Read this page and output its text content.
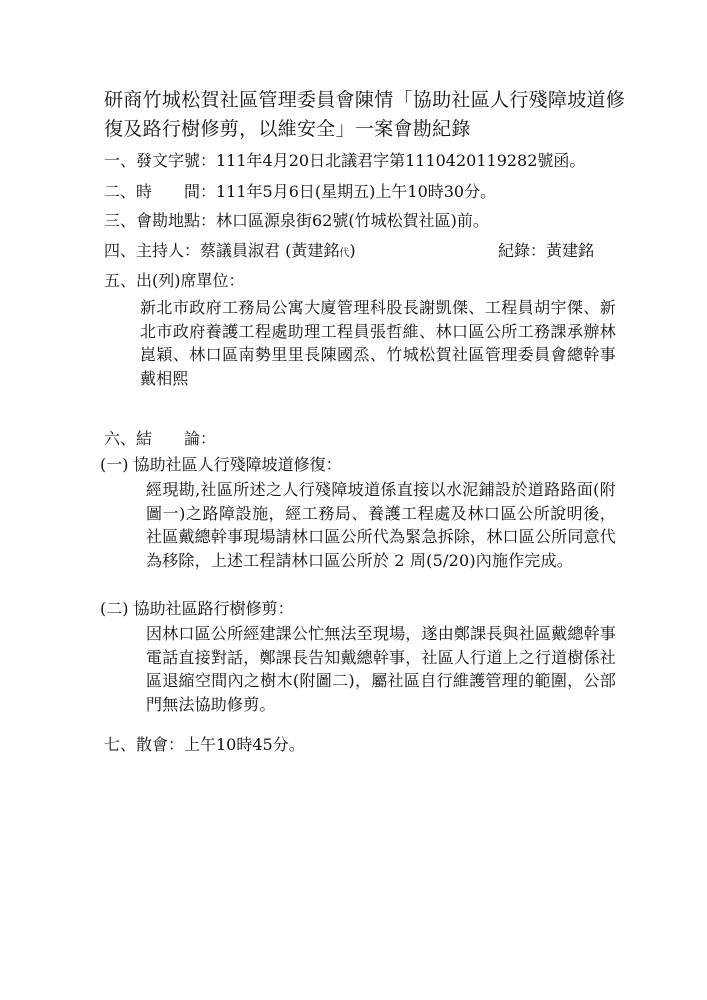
研商竹城松賀社區管理委員會陳情「協助社區人行殘障坡道修復及路行樹修剪，以維安全」一案會勘紀錄
一、發文字號：111年4月20日北議君字第1110420119282號函。
二、時　　間：111年5月6日(星期五)上午10時30分。
三、會勘地點：林口區源泉街62號(竹城松賀社區)前。
四、主持人：蔡議員淑君 (黃建銘代)	紀錄：黃建銘
五、出(列)席單位：
新北市政府工務局公寓大廈管理科股長謝凱傑、工程員胡宇傑、新北市政府養護工程處助理工程員張哲維、林口區公所工務課承辦林崑穎、林口區南勢里里長陳國烝、竹城松賀社區管理委員會總幹事戴相熙
六、結　　論：
(一) 協助社區人行殘障坡道修復：
經現勘,社區所述之人行殘障坡道係直接以水泥鋪設於道路路面(附圖一)之路障設施，經工務局、養護工程處及林口區公所說明後，社區戴總幹事現場請林口區公所代為緊急拆除，林口區公所同意代為移除，上述工程請林口區公所於 2 周(5/20)內施作完成。
(二) 協助社區路行樹修剪：
因林口區公所經建課公忙無法至現場，遂由鄭課長與社區戴總幹事電話直接對話，鄭課長告知戴總幹事，社區人行道上之行道樹係社區退縮空間內之樹木(附圖二)，屬社區自行維護管理的範圍，公部門無法協助修剪。
七、散會：上午10時45分。
